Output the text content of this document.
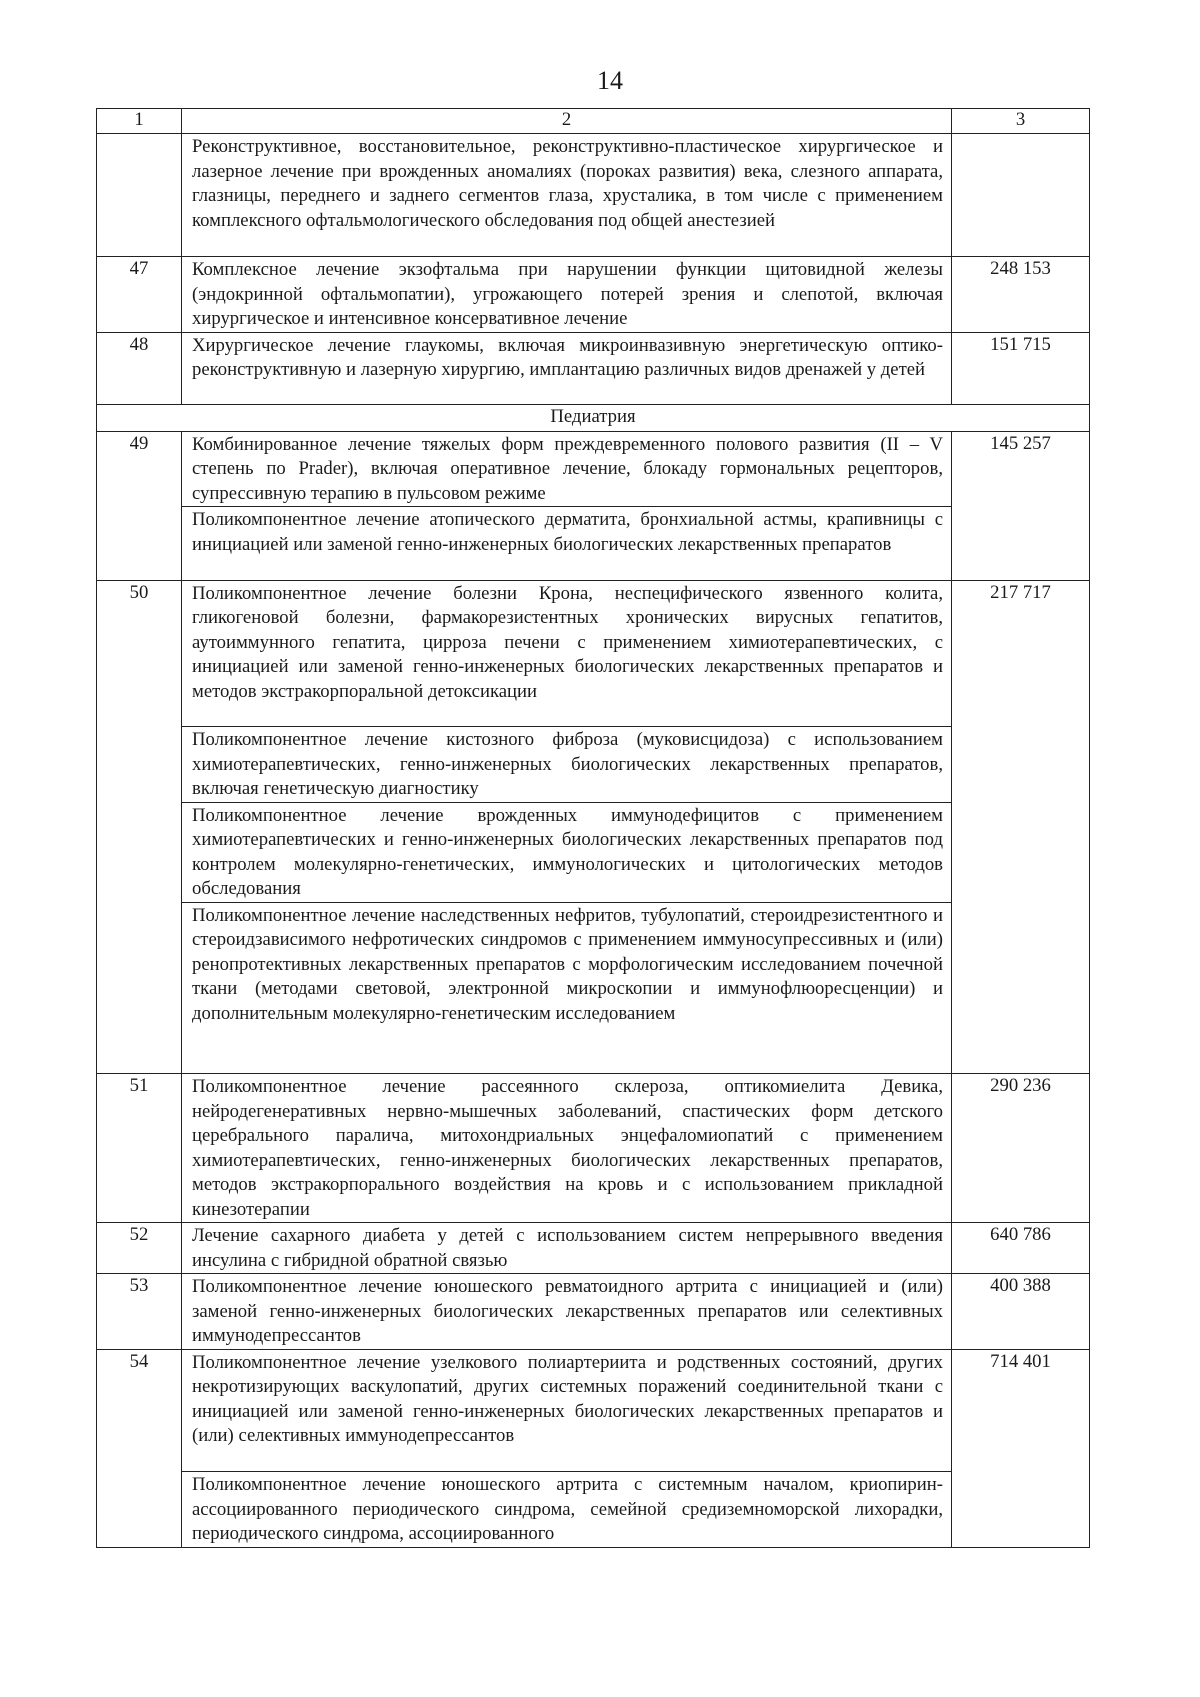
14
1	2	3
	Реконструктивное, восстановительное, реконструктивно-пластическое хирургическое и лазерное лечение при врожденных аномалиях (пороках развития) века, слезного аппарата, глазницы, переднего и заднего сегментов глаза, хрусталика, в том числе с применением комплексного офтальмологического обследования под общей анестезией	
47	Комплексное лечение экзофтальма при нарушении функции щитовидной железы (эндокринной офтальмопатии), угрожающего потерей зрения и слепотой, включая хирургическое и интенсивное консервативное лечение	248 153
48	Хирургическое лечение глаукомы, включая микроинвазивную энергетическую оптико-реконструктивную и лазерную хирургию, имплантацию различных видов дренажей у детей	151 715
Педиатрия		
49	Комбинированное лечение тяжелых форм преждевременного полового развития (II – V степень по Prader), включая оперативное лечение, блокаду гормональных рецепторов, супрессивную терапию в пульсовом режиме	145 257
	Поликомпонентное лечение атопического дерматита, бронхиальной астмы, крапивницы с инициацией или заменой генно-инженерных биологических лекарственных препаратов	
50	Поликомпонентное лечение болезни Крона, неспецифического язвенного колита, гликогеновой болезни, фармакорезистентных хронических вирусных гепатитов, аутоиммунного гепатита, цирроза печени с применением химиотерапевтических, с инициацией или заменой генно-инженерных биологических лекарственных препаратов и методов экстракорпоральной детоксикации	217 717
	Поликомпонентное лечение кистозного фиброза (муковисцидоза) с использованием химиотерапевтических, генно-инженерных биологических лекарственных препаратов, включая генетическую диагностику	
	Поликомпонентное лечение врожденных иммунодефицитов с применением химиотерапевтических и генно-инженерных биологических лекарственных препаратов под контролем молекулярно-генетических, иммунологических и цитологических методов обследования	
	Поликомпонентное лечение наследственных нефритов, тубулопатий, стероидрезистентного и стероидзависимого нефротических синдромов с применением иммуносупрессивных и (или) ренопротективных лекарственных препаратов с морфологическим исследованием почечной ткани (методами световой, электронной микроскопии и иммунофлюоресценции) и дополнительным молекулярно-генетическим исследованием	
51	Поликомпонентное лечение рассеянного склероза, оптикомиелита Девика, нейродегенеративных нервно-мышечных заболеваний, спастических форм детского церебрального паралича, митохондриальных энцефаломиопатий с применением химиотерапевтических, генно-инженерных биологических лекарственных препаратов, методов экстракорпорального воздействия на кровь и с использованием прикладной кинезотерапии	290 236
52	Лечение сахарного диабета у детей с использованием систем непрерывного введения инсулина с гибридной обратной связью	640 786
53	Поликомпонентное лечение юношеского ревматоидного артрита с инициацией и (или) заменой генно-инженерных биологических лекарственных препаратов или селективных иммунодепрессантов	400 388
54	Поликомпонентное лечение узелкового полиартериита и родственных состояний, других некротизирующих васкулопатий, других системных поражений соединительной ткани с инициацией или заменой генно-инженерных биологических лекарственных препаратов и (или) селективных иммунодепрессантов	714 401
	Поликомпонентное лечение юношеского артрита с системным началом, криопирин-ассоциированного периодического синдрома, семейной средиземноморской лихорадки, периодического синдрома, ассоциированного	
